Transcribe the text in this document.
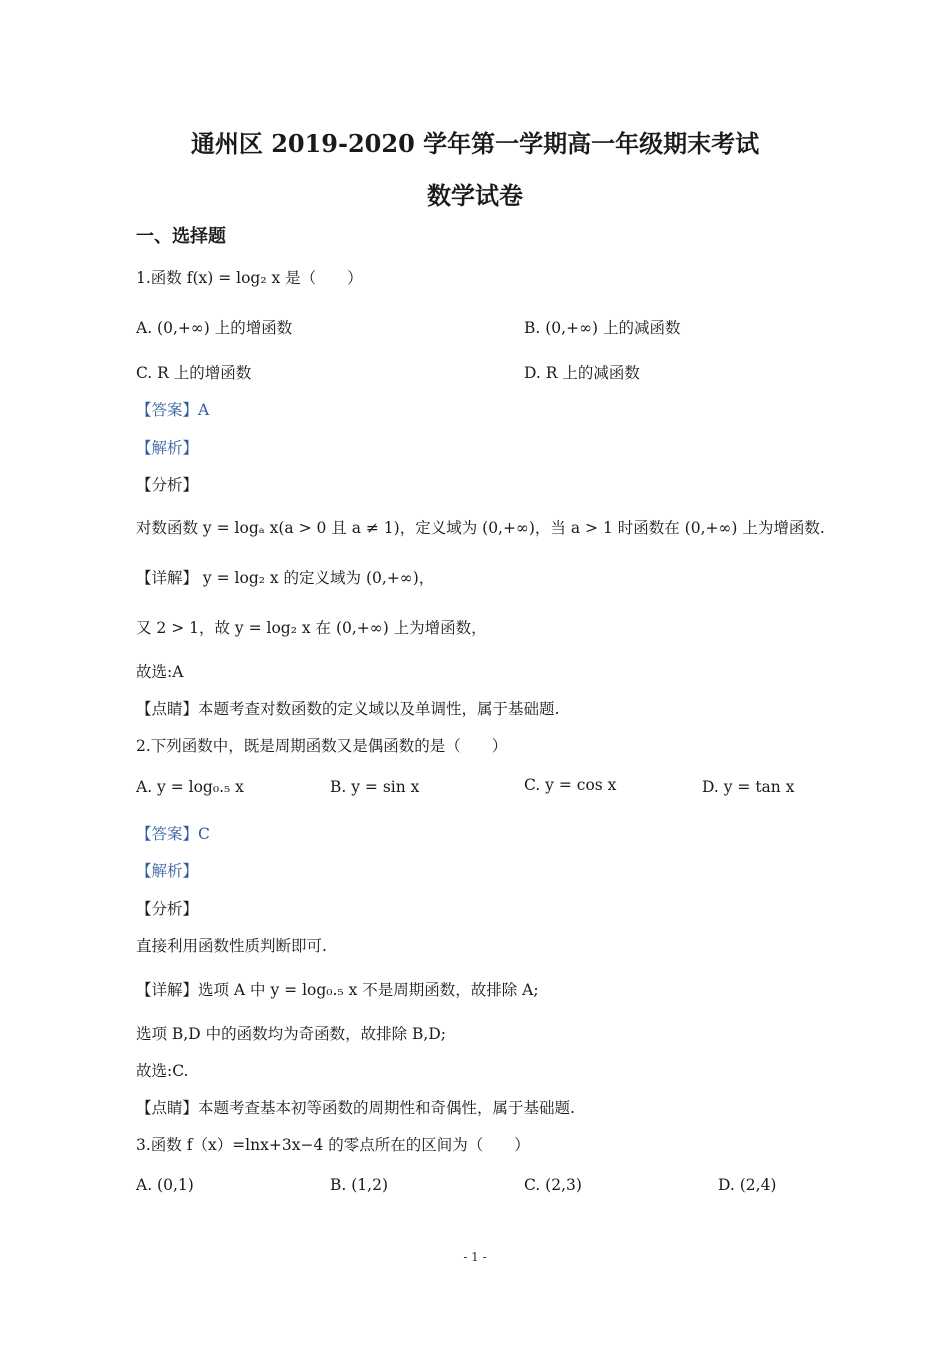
通州区 2019-2020 学年第一学期高一年级期末考试
数学试卷
一、选择题
1.函数 f(x) = log₂ x 是（　　）
A. (0,+∞) 上的增函数	B. (0,+∞) 上的减函数
C. R 上的增函数	D. R 上的减函数
【答案】A
【解析】
【分析】
对数函数 y = logₐ x(a > 0 且 a ≠ 1)，定义域为 (0,+∞)，当 a > 1 时函数在 (0,+∞) 上为增函数.
【详解】 y = log₂ x 的定义域为 (0,+∞)，
又 2 > 1，故 y = log₂ x 在 (0,+∞) 上为增函数，
故选:A
【点睛】本题考查对数函数的定义域以及单调性，属于基础题.
2.下列函数中，既是周期函数又是偶函数的是（　　）
A. y = log₀.₅ x	B. y = sin x	C. y = cos x	D. y = tan x
【答案】C
【解析】
【分析】
直接利用函数性质判断即可.
【详解】选项 A 中 y = log₀.₅ x 不是周期函数，故排除 A;
选项 B,D 中的函数均为奇函数，故排除 B,D;
故选:C.
【点睛】本题考查基本初等函数的周期性和奇偶性，属于基础题.
3.函数 f（x）=lnx+3x−4 的零点所在的区间为（　　）
A. (0,1)	B. (1,2)	C. (2,3)	D. (2,4)
- 1 -
